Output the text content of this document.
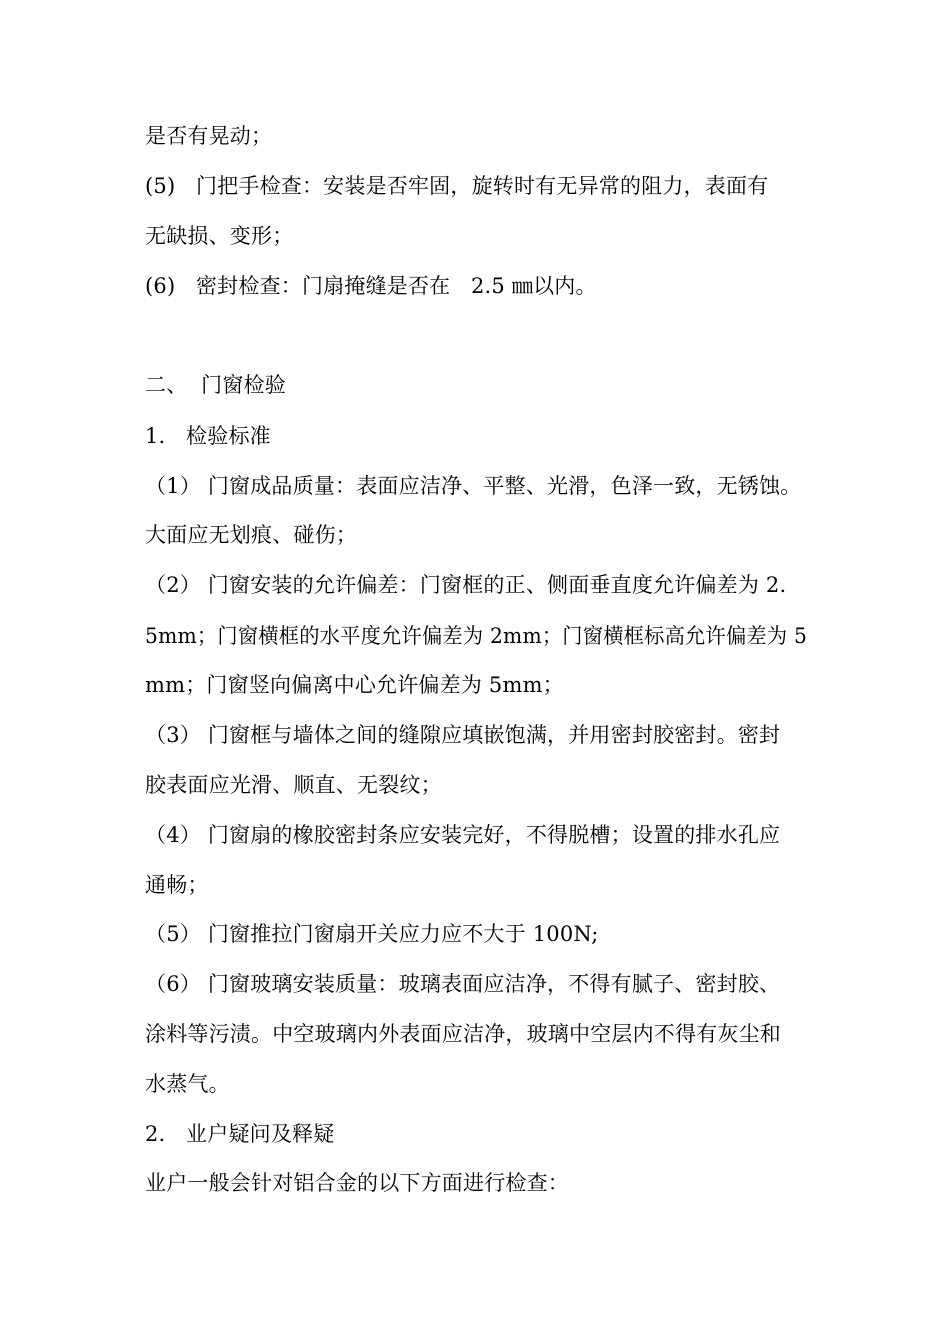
是否有晃动；
(5)   门把手检查：安装是否牢固，旋转时有无异常的阻力，表面有
无缺损、变形；
(6)   密封检查：门扇掩缝是否在   2.5 ㎜以内。
二、  门窗检验
1.   检验标准
（1） 门窗成品质量：表面应洁净、平整、光滑，色泽一致，无锈蚀。
大面应无划痕、碰伤；
（2） 门窗安装的允许偏差：门窗框的正、侧面垂直度允许偏差为 2.
5mm；门窗横框的水平度允许偏差为 2mm；门窗横框标高允许偏差为 5
mm；门窗竖向偏离中心允许偏差为 5mm；
（3） 门窗框与墙体之间的缝隙应填嵌饱满，并用密封胶密封。密封
胶表面应光滑、顺直、无裂纹；
（4） 门窗扇的橡胶密封条应安装完好，不得脱槽；设置的排水孔应
通畅；
（5） 门窗推拉门窗扇开关应力应不大于 100N;
（6） 门窗玻璃安装质量：玻璃表面应洁净，不得有腻子、密封胶、
涂料等污渍。中空玻璃内外表面应洁净，玻璃中空层内不得有灰尘和
水蒸气。
2.   业户疑问及释疑
业户一般会针对铝合金的以下方面进行检查：
